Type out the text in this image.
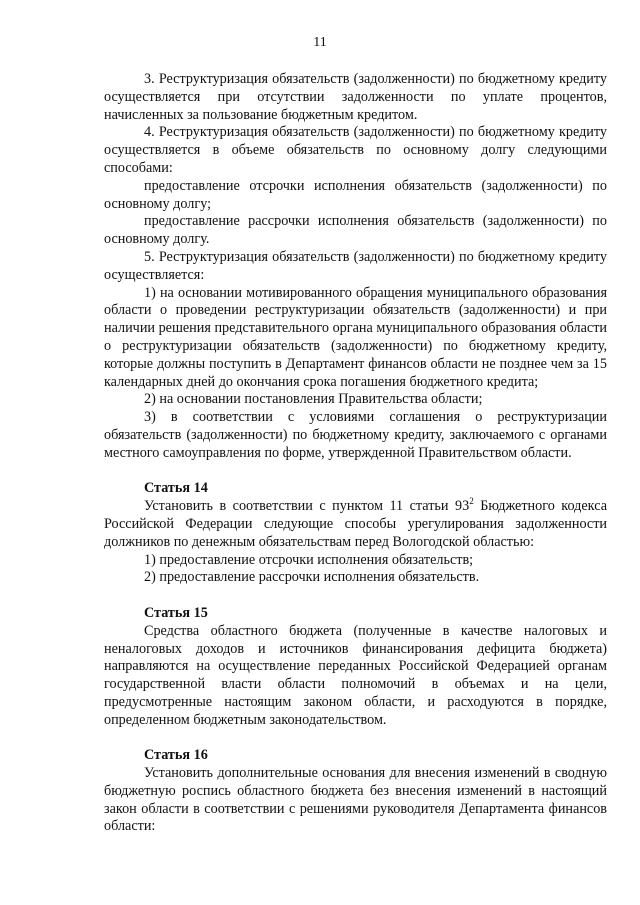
11

3. Реструктуризация обязательств (задолженности) по бюджетному кредиту осуществляется при отсутствии задолженности по уплате процентов, начисленных за пользование бюджетным кредитом.

4. Реструктуризация обязательств (задолженности) по бюджетному кредиту осуществляется в объеме обязательств по основному долгу следующими способами:

предоставление отсрочки исполнения обязательств (задолженности) по основному долгу;

предоставление рассрочки исполнения обязательств (задолженности) по основному долгу.

5. Реструктуризация обязательств (задолженности) по бюджетному кредиту осуществляется:

1) на основании мотивированного обращения муниципального образования области о проведении реструктуризации обязательств (задолженности) и при наличии решения представительного органа муниципального образования области о реструктуризации обязательств (задолженности) по бюджетному кредиту, которые должны поступить в Департамент финансов области не позднее чем за 15 календарных дней до окончания срока погашения бюджетного кредита;

2) на основании постановления Правительства области;

3) в соответствии с условиями соглашения о реструктуризации обязательств (задолженности) по бюджетному кредиту, заключаемого с органами местного самоуправления по форме, утвержденной Правительством области.

Статья 14

Установить в соответствии с пунктом 11 статьи $93^2$ Бюджетного кодекса Российской Федерации следующие способы урегулирования задолженности должников по денежным обязательствам перед Вологодской областью:

1) предоставление отсрочки исполнения обязательств;

2) предоставление рассрочки исполнения обязательств.

Статья 15

Средства областного бюджета (полученные в качестве налоговых и неналоговых доходов и источников финансирования дефицита бюджета) направляются на осуществление переданных Российской Федерацией органам государственной власти области полномочий в объемах и на цели, предусмотренные настоящим законом области, и расходуются в порядке, определенном бюджетным законодательством.

Статья 16

Установить дополнительные основания для внесения изменений в сводную бюджетную роспись областного бюджета без внесения изменений в настоящий закон области в соответствии с решениями руководителя Департамента финансов области:
